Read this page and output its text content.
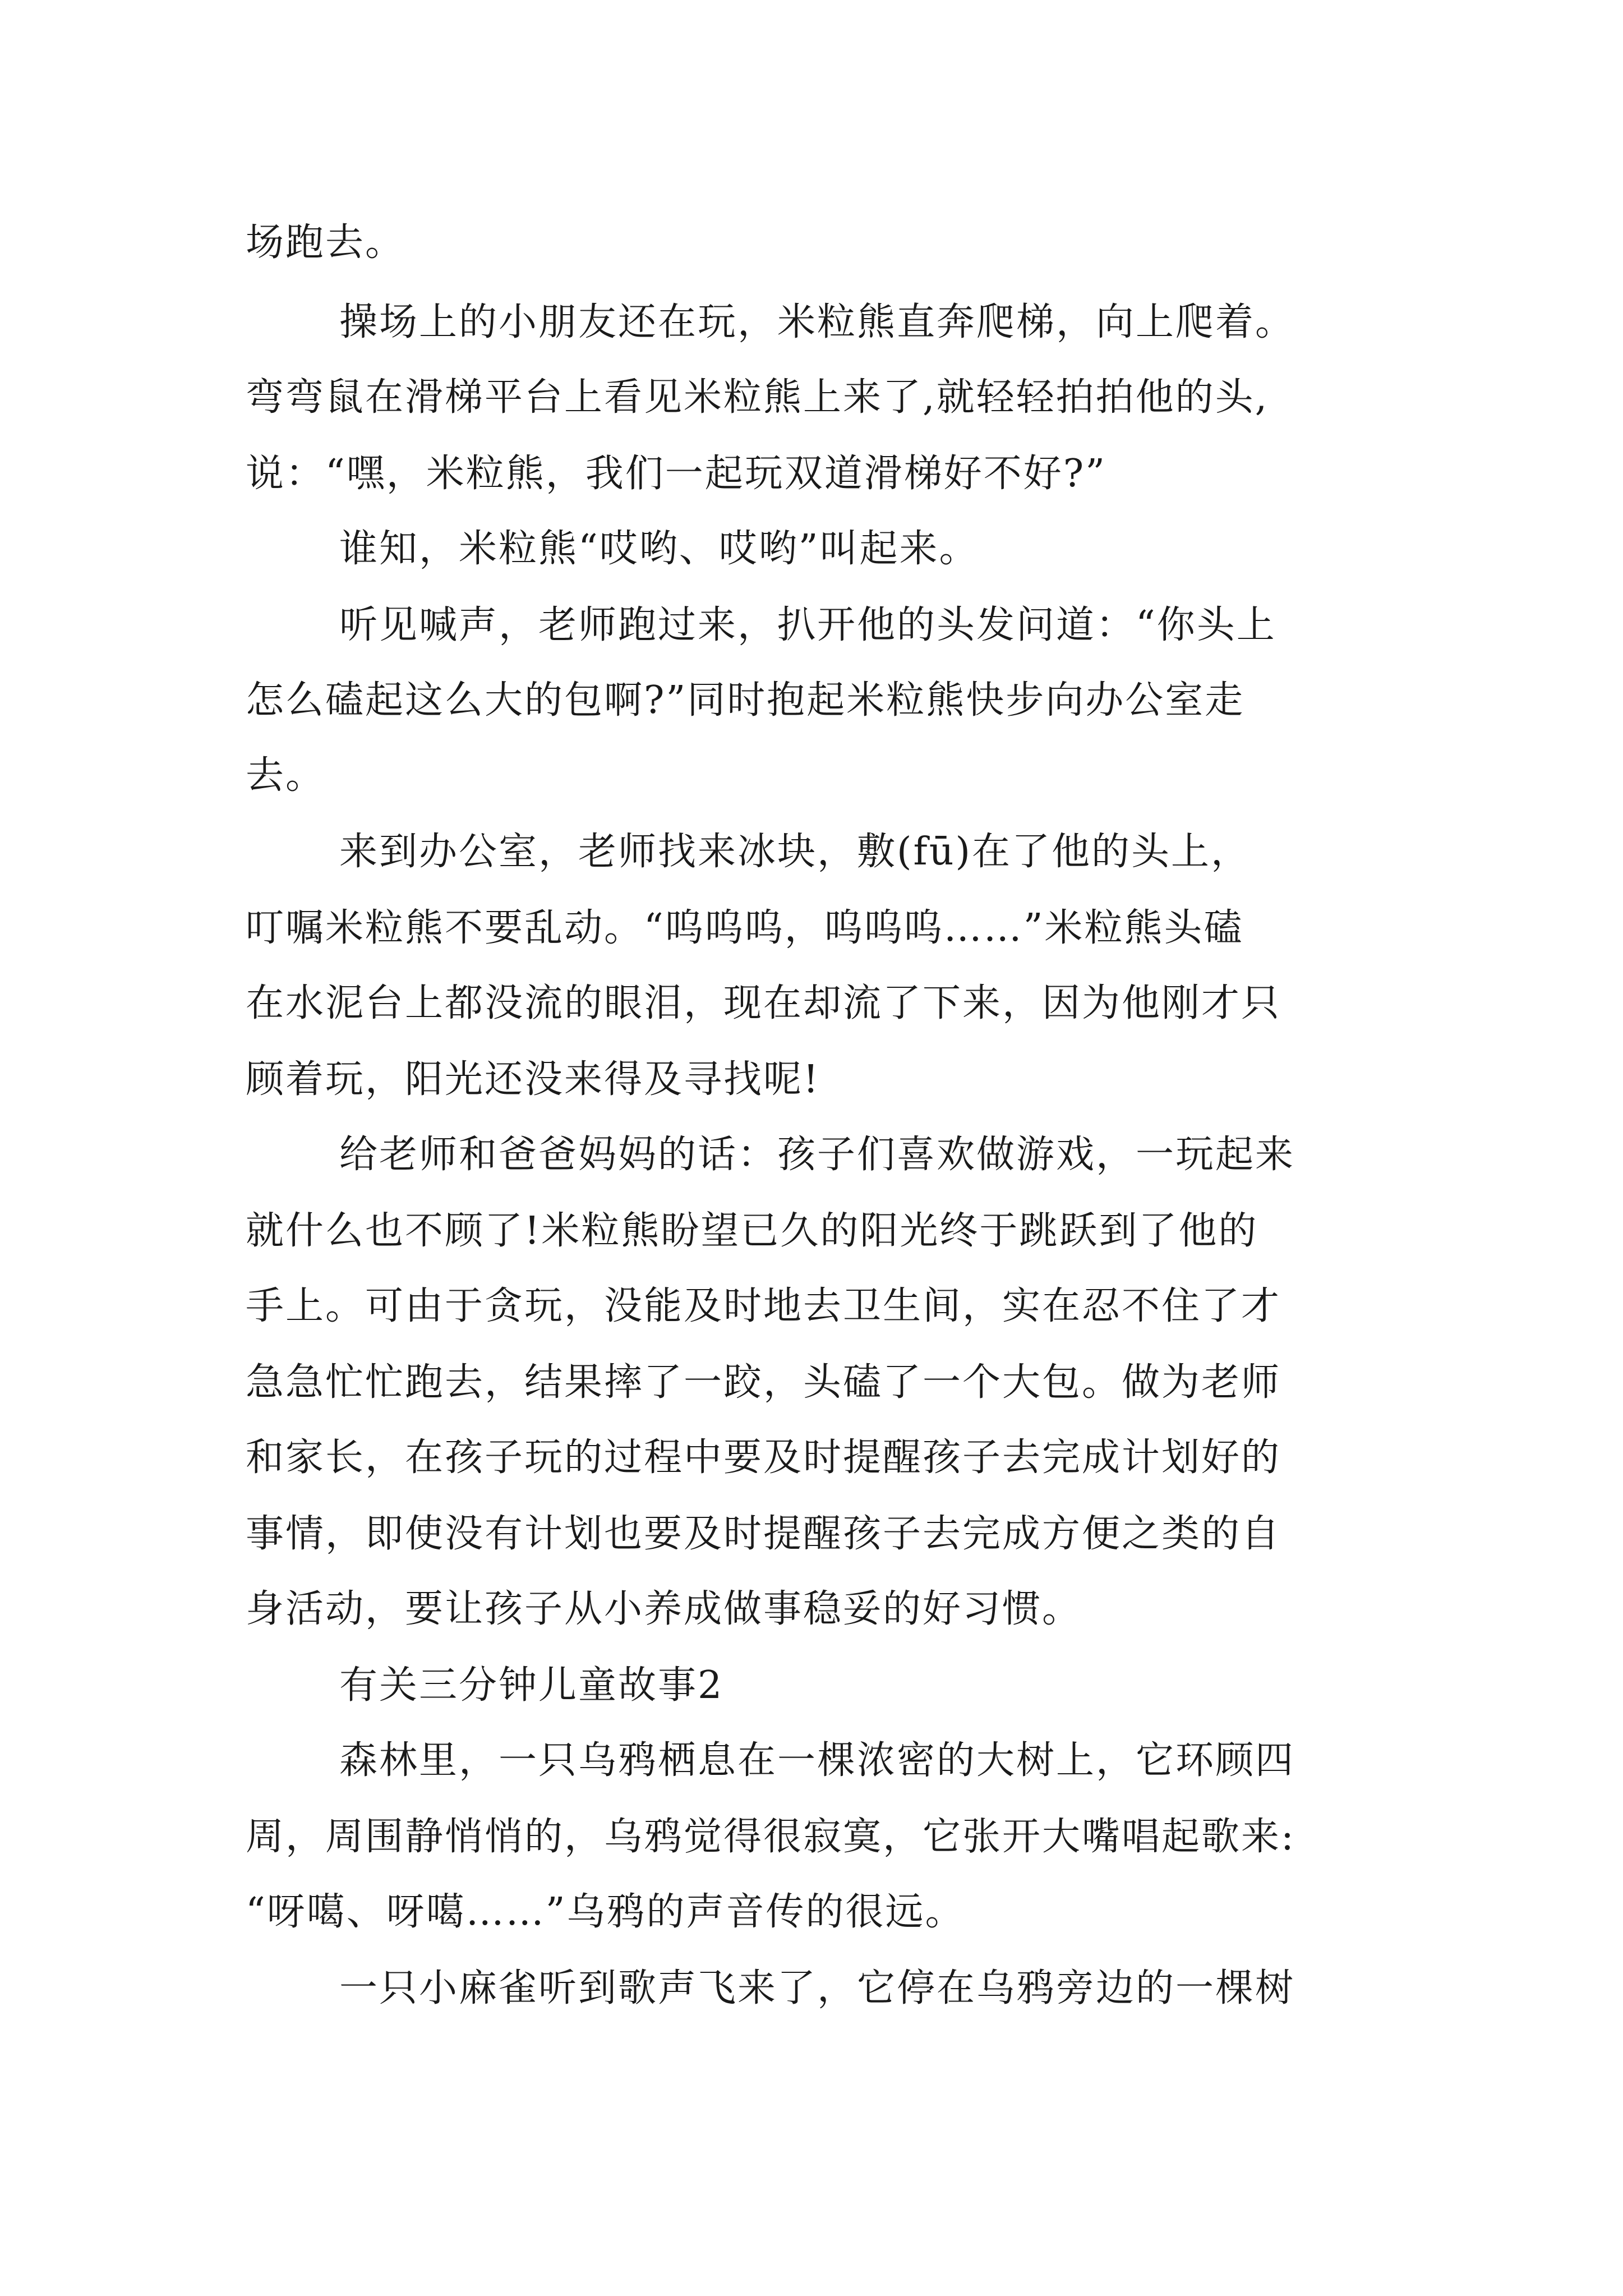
场跑去。
操场上的小朋友还在玩，米粒熊直奔爬梯，向上爬着。
弯弯鼠在滑梯平台上看见米粒熊上来了,就轻轻拍拍他的头,
说：“嘿，米粒熊，我们一起玩双道滑梯好不好?”
谁知，米粒熊“哎哟、哎哟”叫起来。
听见喊声，老师跑过来，扒开他的头发问道：“你头上
怎么磕起这么大的包啊?”同时抱起米粒熊快步向办公室走
去。
来到办公室，老师找来冰块，敷(fū)在了他的头上，
叮嘱米粒熊不要乱动。“呜呜呜，呜呜呜……”米粒熊头磕
在水泥台上都没流的眼泪，现在却流了下来，因为他刚才只
顾着玩，阳光还没来得及寻找呢!
给老师和爸爸妈妈的话：孩子们喜欢做游戏，一玩起来
就什么也不顾了!米粒熊盼望已久的阳光终于跳跃到了他的
手上。可由于贪玩，没能及时地去卫生间，实在忍不住了才
急急忙忙跑去，结果摔了一跤，头磕了一个大包。做为老师
和家长，在孩子玩的过程中要及时提醒孩子去完成计划好的
事情，即使没有计划也要及时提醒孩子去完成方便之类的自
身活动，要让孩子从小养成做事稳妥的好习惯。
有关三分钟儿童故事2
森林里，一只乌鸦栖息在一棵浓密的大树上，它环顾四
周，周围静悄悄的，乌鸦觉得很寂寞，它张开大嘴唱起歌来:
“呀噶、呀噶……”乌鸦的声音传的很远。
一只小麻雀听到歌声飞来了，它停在乌鸦旁边的一棵树
